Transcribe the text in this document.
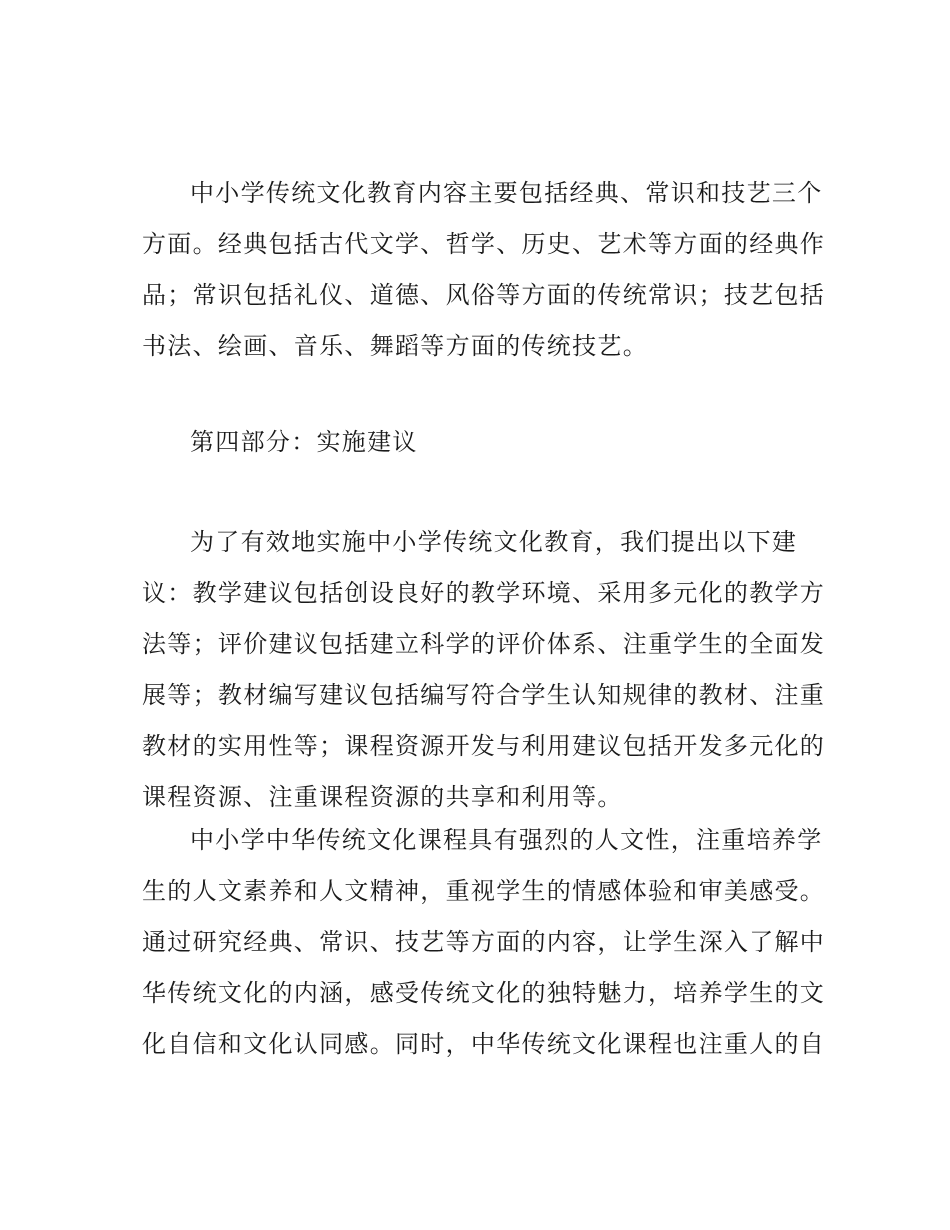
中小学传统文化教育内容主要包括经典、常识和技艺三个
方面。经典包括古代文学、哲学、历史、艺术等方面的经典作
品；常识包括礼仪、道德、风俗等方面的传统常识；技艺包括
书法、绘画、音乐、舞蹈等方面的传统技艺。
第四部分：实施建议
为了有效地实施中小学传统文化教育，我们提出以下建
议：教学建议包括创设良好的教学环境、采用多元化的教学方
法等；评价建议包括建立科学的评价体系、注重学生的全面发
展等；教材编写建议包括编写符合学生认知规律的教材、注重
教材的实用性等；课程资源开发与利用建议包括开发多元化的
课程资源、注重课程资源的共享和利用等。
中小学中华传统文化课程具有强烈的人文性，注重培养学
生的人文素养和人文精神，重视学生的情感体验和审美感受。
通过研究经典、常识、技艺等方面的内容，让学生深入了解中
华传统文化的内涵，感受传统文化的独特魅力，培养学生的文
化自信和文化认同感。同时，中华传统文化课程也注重人的自
